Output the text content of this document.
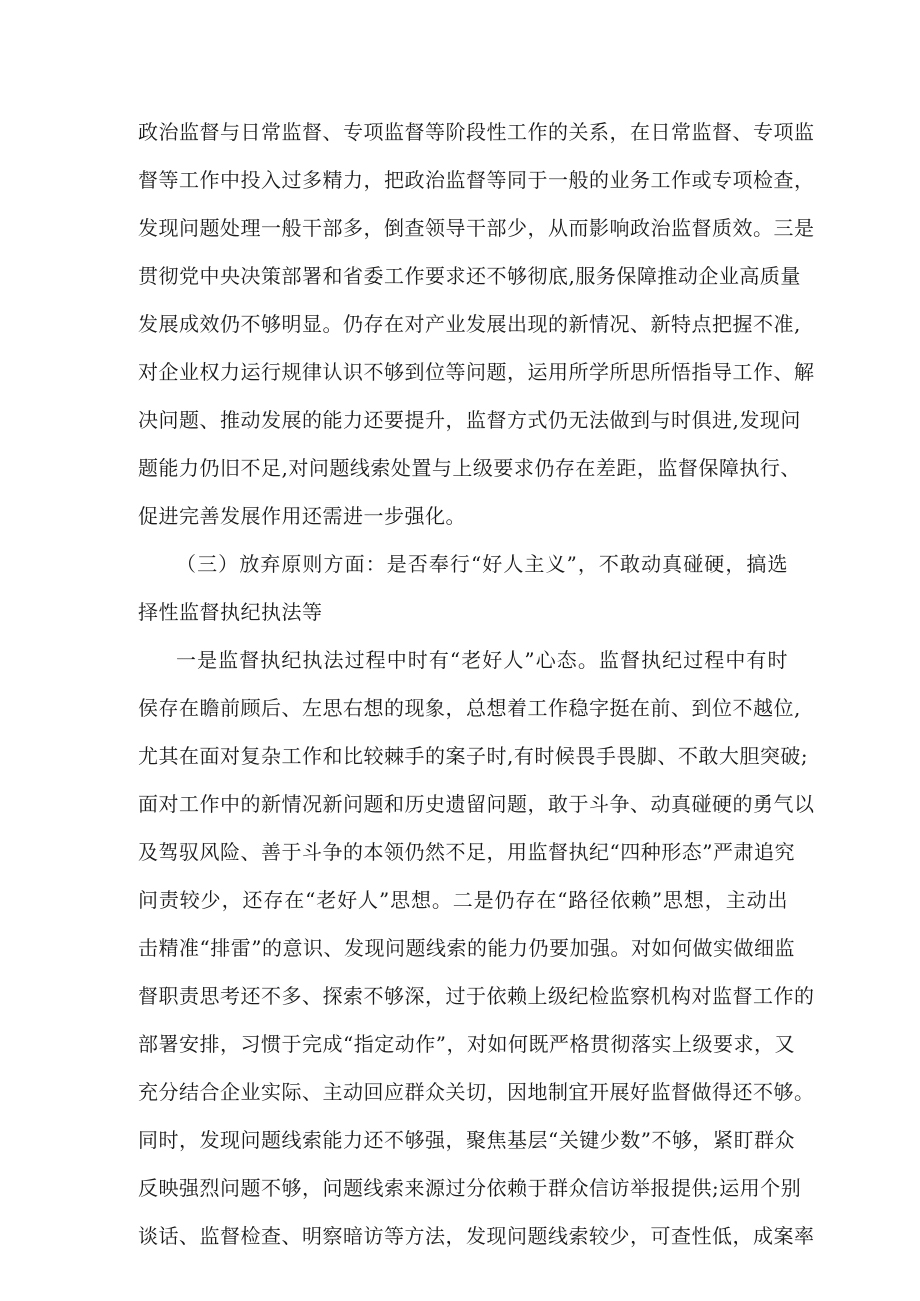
政治监督与日常监督、专项监督等阶段性工作的关系，在日常监督、专项监
督等工作中投入过多精力，把政治监督等同于一般的业务工作或专项检查，
发现问题处理一般干部多，倒查领导干部少，从而影响政治监督质效。三是
贯彻党中央决策部署和省委工作要求还不够彻底,服务保障推动企业高质量
发展成效仍不够明显。仍存在对产业发展出现的新情况、新特点把握不准,
对企业权力运行规律认识不够到位等问题，运用所学所思所悟指导工作、解
决问题、推动发展的能力还要提升，监督方式仍无法做到与时俱进,发现问
题能力仍旧不足,对问题线索处置与上级要求仍存在差距，监督保障执行、
促进完善发展作用还需进一步强化。
（三）放弃原则方面：是否奉行“好人主义”，不敢动真碰硬，搞选
择性监督执纪执法等
一是监督执纪执法过程中时有“老好人”心态。监督执纪过程中有时
侯存在瞻前顾后、左思右想的现象，总想着工作稳字挺在前、到位不越位,
尤其在面对复杂工作和比较棘手的案子时,有时候畏手畏脚、不敢大胆突破;
面对工作中的新情况新问题和历史遗留问题，敢于斗争、动真碰硬的勇气以
及驾驭风险、善于斗争的本领仍然不足，用监督执纪“四种形态”严肃追究
问责较少，还存在“老好人”思想。二是仍存在“路径依赖”思想，主动出
击精准“排雷”的意识、发现问题线索的能力仍要加强。对如何做实做细监
督职责思考还不多、探索不够深，过于依赖上级纪检监察机构对监督工作的
部署安排，习惯于完成“指定动作”，对如何既严格贯彻落实上级要求，又
充分结合企业实际、主动回应群众关切，因地制宜开展好监督做得还不够。
同时，发现问题线索能力还不够强，聚焦基层“关键少数”不够，紧盯群众
反映强烈问题不够，问题线索来源过分依赖于群众信访举报提供;运用个别
谈话、监督检查、明察暗访等方法，发现问题线索较少，可查性低，成案率
